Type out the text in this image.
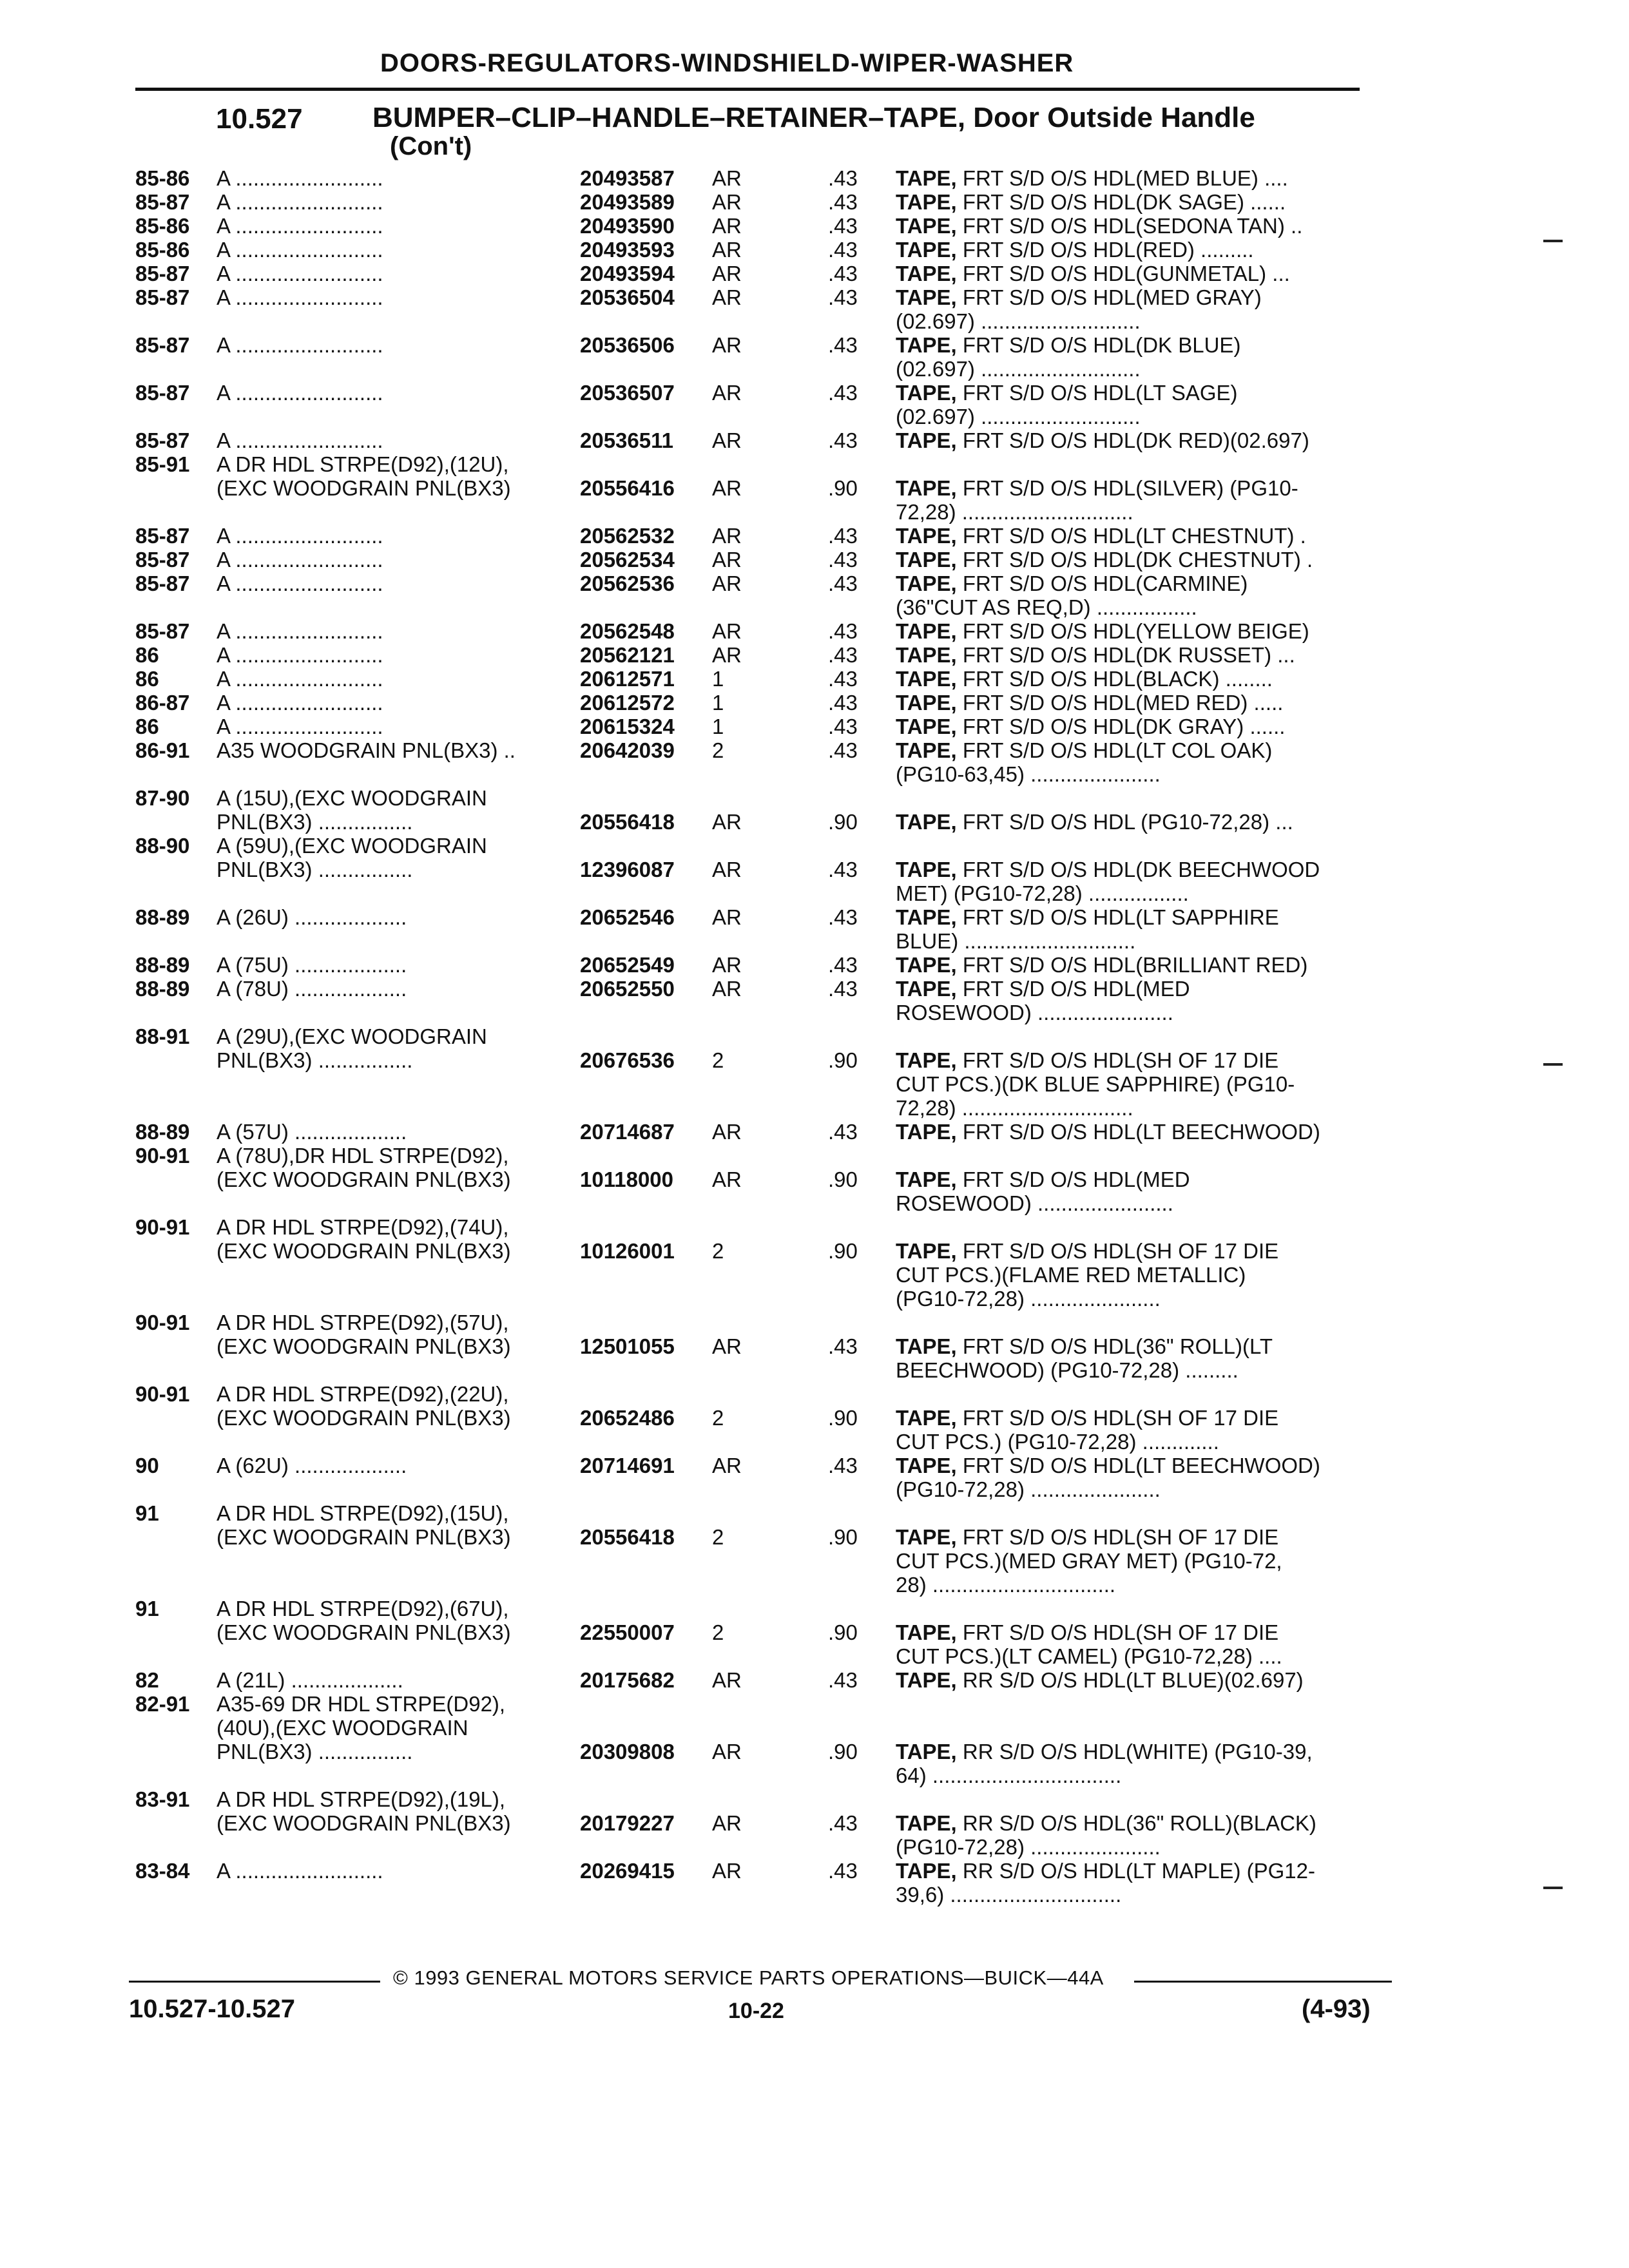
DOORS-REGULATORS-WINDSHIELD-WIPER-WASHER
10.527 BUMPER–CLIP–HANDLE–RETAINER–TAPE, Door Outside Handle
(Con't)
85-86 A .........................	20493587	AR	.43 TAPE, FRT S/D O/S HDL(MED BLUE) ....
85-87 A .........................	20493589	AR	.43 TAPE, FRT S/D O/S HDL(DK SAGE) ......
85-86 A .........................	20493590	AR	.43 TAPE, FRT S/D O/S HDL(SEDONA TAN) ..
85-86 A .........................	20493593	AR	.43 TAPE, FRT S/D O/S HDL(RED) .........
85-87 A .........................	20493594	AR	.43 TAPE, FRT S/D O/S HDL(GUNMETAL) ...
85-87 A .........................	20536504	AR	.43 TAPE, FRT S/D O/S HDL(MED GRAY)
(02.697) ...........................
85-87 A .........................	20536506	AR	.43 TAPE, FRT S/D O/S HDL(DK BLUE)
(02.697) ...........................
85-87 A .........................	20536507	AR	.43 TAPE, FRT S/D O/S HDL(LT SAGE)
(02.697) ...........................
85-87 A .........................	20536511	AR	.43 TAPE, FRT S/D O/S HDL(DK RED)(02.697)
85-91 A DR HDL STRPE(D92),(12U),
(EXC WOODGRAIN PNL(BX3)	20556416	AR	.90 TAPE, FRT S/D O/S HDL(SILVER) (PG10-
72,28) .............................
85-87 A .........................	20562532	AR	.43 TAPE, FRT S/D O/S HDL(LT CHESTNUT) .
85-87 A .........................	20562534	AR	.43 TAPE, FRT S/D O/S HDL(DK CHESTNUT) .
85-87 A .........................	20562536	AR	.43 TAPE, FRT S/D O/S HDL(CARMINE)
(36"CUT AS REQ,D) .................
85-87 A .........................	20562548	AR	.43 TAPE, FRT S/D O/S HDL(YELLOW BEIGE)
86	A .........................	20562121	AR	.43 TAPE, FRT S/D O/S HDL(DK RUSSET) ...
86	A .........................	20612571	1	.43 TAPE, FRT S/D O/S HDL(BLACK) ........
86-87 A .........................	20612572	1	.43 TAPE, FRT S/D O/S HDL(MED RED) .....
86	A .........................	20615324	1	.43 TAPE, FRT S/D O/S HDL(DK GRAY) ......
86-91 A35 WOODGRAIN PNL(BX3) ..	20642039	2	.43 TAPE, FRT S/D O/S HDL(LT COL OAK)
(PG10-63,45) ......................
87-90 A (15U),(EXC WOODGRAIN
PNL(BX3) ................	20556418	AR	.90 TAPE, FRT S/D O/S HDL (PG10-72,28) ...
88-90 A (59U),(EXC WOODGRAIN
PNL(BX3) ................	12396087	AR	.43 TAPE, FRT S/D O/S HDL(DK BEECHWOOD
MET) (PG10-72,28) .................
88-89 A (26U) ...................	20652546	AR	.43 TAPE, FRT S/D O/S HDL(LT SAPPHIRE
BLUE) .............................
88-89 A (75U) ...................	20652549	AR	.43 TAPE, FRT S/D O/S HDL(BRILLIANT RED)
88-89 A (78U) ...................	20652550	AR	.43 TAPE, FRT S/D O/S HDL(MED
ROSEWOOD) .......................
88-91 A (29U),(EXC WOODGRAIN
PNL(BX3) ................	20676536	2	.90 TAPE, FRT S/D O/S HDL(SH OF 17 DIE
CUT PCS.)(DK BLUE SAPPHIRE) (PG10-
72,28) .............................
88-89 A (57U) ...................	20714687	AR	.43 TAPE, FRT S/D O/S HDL(LT BEECHWOOD)
90-91 A (78U),DR HDL STRPE(D92),
(EXC WOODGRAIN PNL(BX3)	10118000	AR	.90 TAPE, FRT S/D O/S HDL(MED
ROSEWOOD) .......................
90-91 A DR HDL STRPE(D92),(74U),
(EXC WOODGRAIN PNL(BX3)	10126001	2	.90 TAPE, FRT S/D O/S HDL(SH OF 17 DIE
CUT PCS.)(FLAME RED METALLIC)
(PG10-72,28) ......................
90-91 A DR HDL STRPE(D92),(57U),
(EXC WOODGRAIN PNL(BX3)	12501055	AR	.43 TAPE, FRT S/D O/S HDL(36" ROLL)(LT
BEECHWOOD) (PG10-72,28) .........
90-91 A DR HDL STRPE(D92),(22U),
(EXC WOODGRAIN PNL(BX3)	20652486	2	.90 TAPE, FRT S/D O/S HDL(SH OF 17 DIE
CUT PCS.) (PG10-72,28) .............
90	A (62U) ...................	20714691	AR	.43 TAPE, FRT S/D O/S HDL(LT BEECHWOOD)
(PG10-72,28) ......................
91	A DR HDL STRPE(D92),(15U),
(EXC WOODGRAIN PNL(BX3)	20556418	2	.90 TAPE, FRT S/D O/S HDL(SH OF 17 DIE
CUT PCS.)(MED GRAY MET) (PG10-72,
28) ...............................
91	A DR HDL STRPE(D92),(67U),
(EXC WOODGRAIN PNL(BX3)	22550007	2	.90 TAPE, FRT S/D O/S HDL(SH OF 17 DIE
CUT PCS.)(LT CAMEL) (PG10-72,28) ....
82	A (21L) ...................	20175682	AR	.43 TAPE, RR S/D O/S HDL(LT BLUE)(02.697)
82-91 A35-69 DR HDL STRPE(D92),
(40U),(EXC WOODGRAIN
PNL(BX3) ................	20309808	AR	.90 TAPE, RR S/D O/S HDL(WHITE) (PG10-39,
64) ................................
83-91 A DR HDL STRPE(D92),(19L),
(EXC WOODGRAIN PNL(BX3)	20179227	AR	.43 TAPE, RR S/D O/S HDL(36" ROLL)(BLACK)
(PG10-72,28) ......................
83-84 A .........................	20269415	AR	.43 TAPE, RR S/D O/S HDL(LT MAPLE) (PG12-
39,6) .............................
© 1993 GENERAL MOTORS SERVICE PARTS OPERATIONS—BUICK—44A
10.527-10.527	10-22	(4-93)
